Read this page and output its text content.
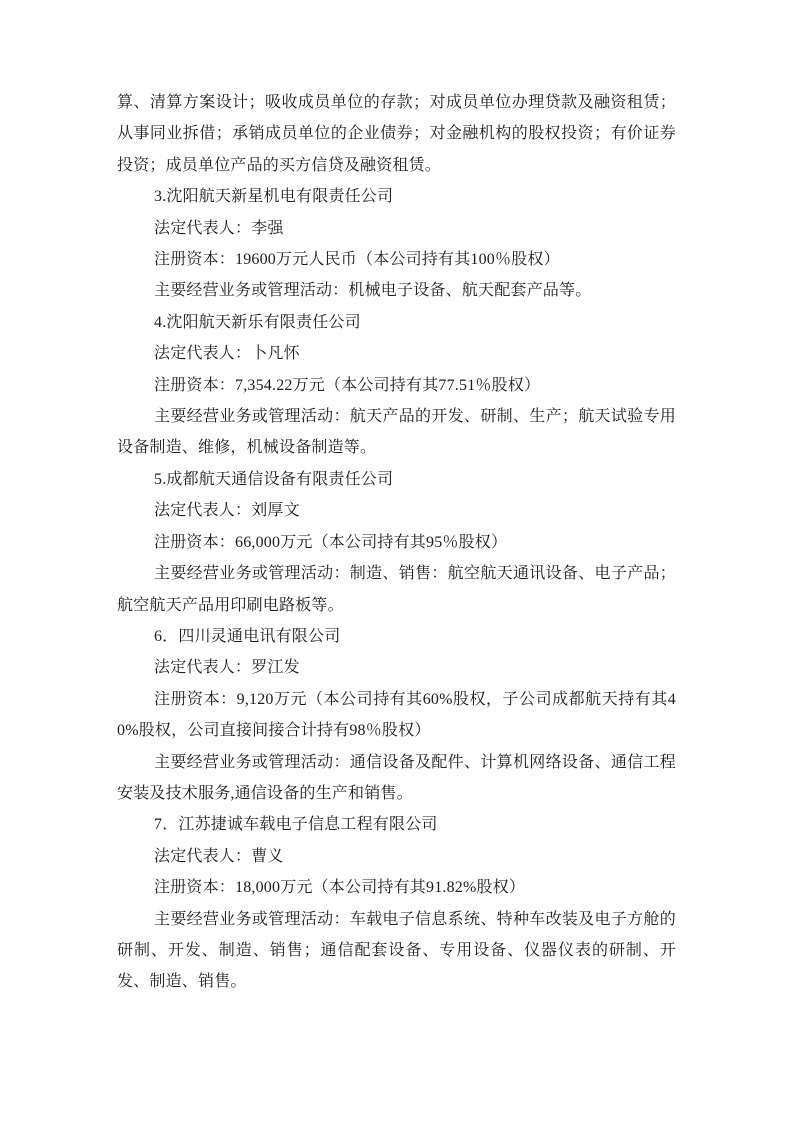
算、清算方案设计；吸收成员单位的存款；对成员单位办理贷款及融资租赁；从事同业拆借；承销成员单位的企业债券；对金融机构的股权投资；有价证券投资；成员单位产品的买方信贷及融资租赁。

3.沈阳航天新星机电有限责任公司

法定代表人：李强

注册资本：19600万元人民币（本公司持有其100％股权）

主要经营业务或管理活动：机械电子设备、航天配套产品等。

4.沈阳航天新乐有限责任公司

法定代表人：卜凡怀

注册资本：7,354.22万元（本公司持有其77.51％股权）

主要经营业务或管理活动：航天产品的开发、研制、生产；航天试验专用设备制造、维修，机械设备制造等。

5.成都航天通信设备有限责任公司

法定代表人：刘厚文

注册资本：66,000万元（本公司持有其95％股权）

主要经营业务或管理活动：制造、销售：航空航天通讯设备、电子产品；航空航天产品用印刷电路板等。

6．四川灵通电讯有限公司

法定代表人：罗江发

注册资本：9,120万元（本公司持有其60%股权，子公司成都航天持有其40%股权，公司直接间接合计持有98％股权）

主要经营业务或管理活动：通信设备及配件、计算机网络设备、通信工程安装及技术服务,通信设备的生产和销售。

7．江苏捷诚车载电子信息工程有限公司

法定代表人：曹义

注册资本：18,000万元（本公司持有其91.82%股权）

主要经营业务或管理活动：车载电子信息系统、特种车改装及电子方舱的研制、开发、制造、销售；通信配套设备、专用设备、仪器仪表的研制、开发、制造、销售。
